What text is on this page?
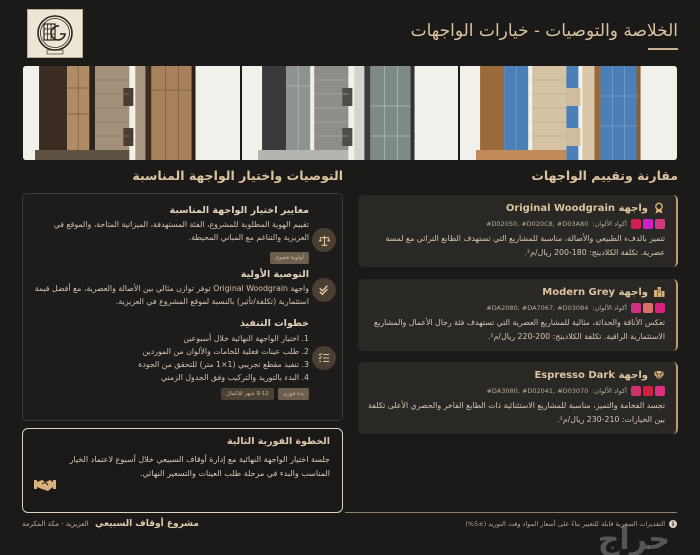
الخلاصة والتوصيات - خيارات الواجهات
مقارنة وتقييم الواجهات
التوصيات واختيار الواجهة المناسبة
واجهة Original Woodgrain
أكواد الألوان:
#D02050, #D020C8, #D03A80

تتميز بالدفء الطبيعي والأصالة، مناسبة للمشاريع التي تستهدف الطابع التراثي مع لمسة عصرية. تكلفة الكلادينج: 180-200 ريال/م².

واجهة Modern Grey
أكواد الألوان:
#DA2080, #DA7067, #D03084

تعكس الأناقة والحداثة، مثالية للمشاريع العصرية التي تستهدف فئة رجال الأعمال والمشاريع الاستثمارية الراقية. تكلفة الكلادينج: 200-220 ريال/م².

واجهة Espresso Dark
أكواد الألوان:
#DA3080, #D02041, #D03070

تجسد الفخامة والتميز، مناسبة للمشاريع الاستثنائية ذات الطابع الفاخر والحصري الأعلى تكلفة بين الخيارات: 210-230 ريال/م².

معايير اختيار الواجهة المناسبة

تقييم الهوية المطلوبة للمشروع، الفئة المستهدفة، الميزانية المتاحة، والموقع في العزيزية والتناغم مع المباني المحيطة.

أولوية قصوى
التوصية الأولية

واجهة Original Woodgrain توفر توازن مثالي بين الأصالة والعصرية، مع أفضل قيمة استثمارية (تكلفة/تأثير) بالنسبة لموقع المشروع في العزيزية.

خطوات التنفيذ
1. اختيار الواجهة النهائية خلال أسبوعين
2. طلب عينات فعلية للخامات والألوان من الموردين
3. تنفيذ مقطع تجريبي (1×1 متر) للتحقق من الجودة
4. البدء بالتوريد والتركيب وفق الجدول الزمني
بدء فوري
9-12 شهر للإكمال
الخطوة الفورية التالية

جلسة اختيار الواجهة النهائية مع إدارة أوقاف السبيعي خلال أسبوع لاعتماد الخيار المناسب والبدء في مرحلة طلب العينات والتسعير النهائي.

مشروع أوقاف السبيعي العزيزية - مكة المكرمة	i
التقديرات السعرية قابلة للتغيير بناءً على أسعار المواد وقت التوريد (±5%)
حراج
